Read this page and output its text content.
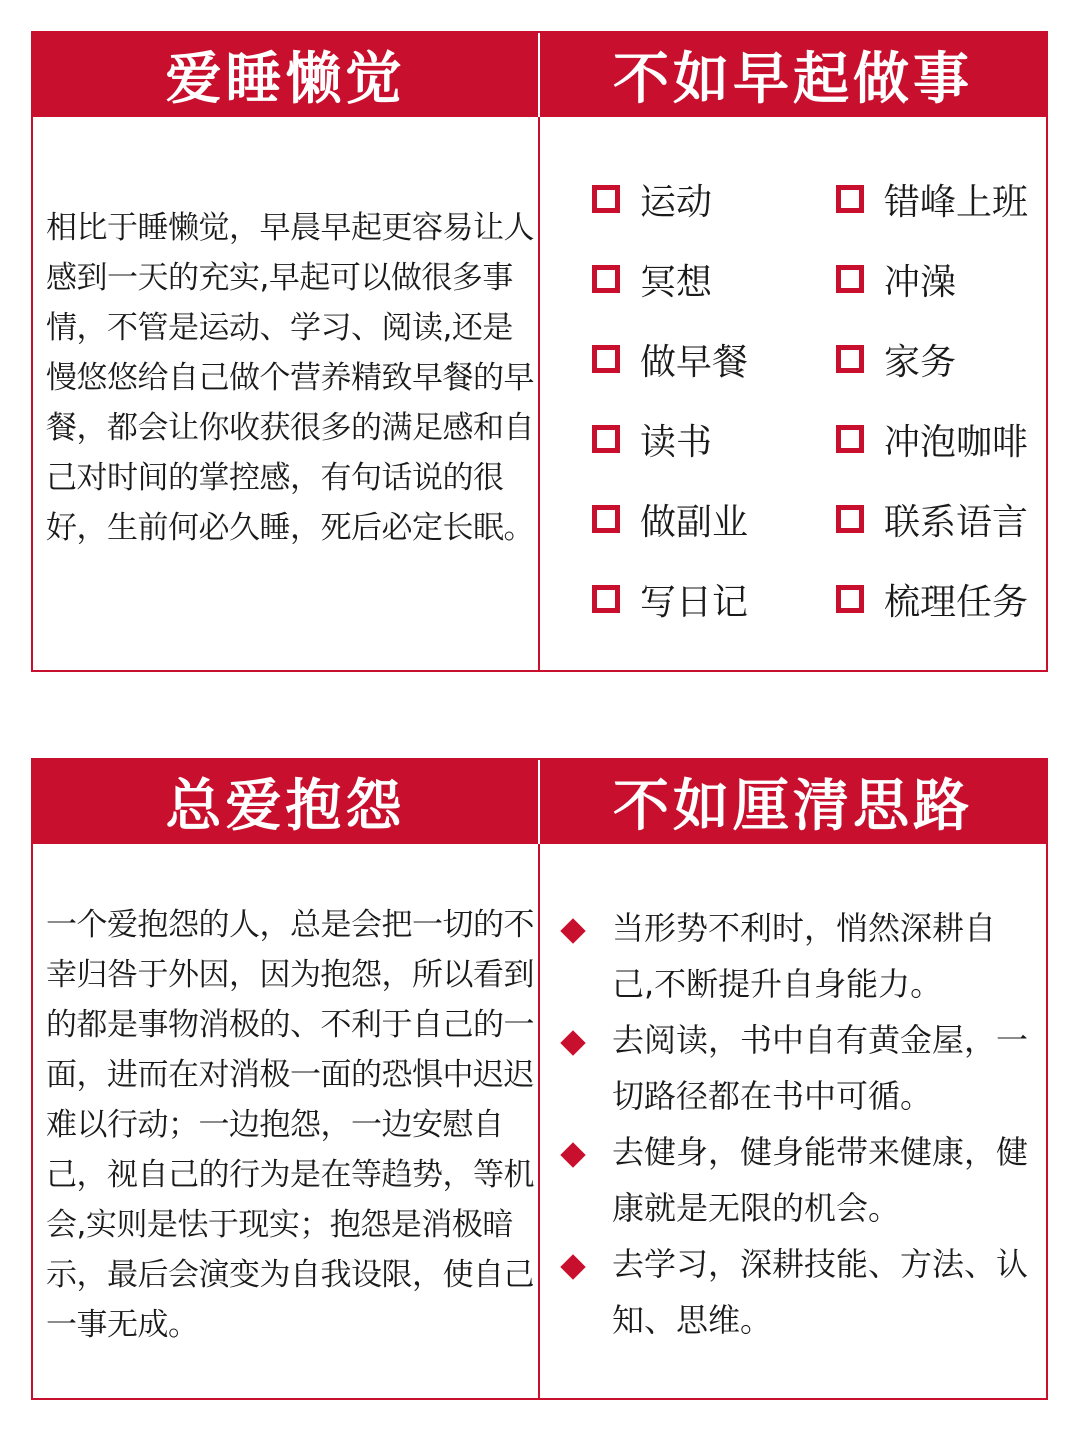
爱睡懒觉	不如早起做事
相比于睡懒觉，早晨早起更容易让人感到一天的充实,早起可以做很多事情，不管是运动、学习、阅读,还是慢悠悠给自己做个营养精致早餐的早餐，都会让你收获很多的满足感和自己对时间的掌控感，有句话说的很好，生前何必久睡，死后必定长眠。
运动	错峰上班
冥想	冲澡
做早餐	家务
读书	冲泡咖啡
做副业	联系语言
写日记	梳理任务
总爱抱怨	不如厘清思路
一个爱抱怨的人，总是会把一切的不幸归咎于外因，因为抱怨，所以看到的都是事物消极的、不利于自己的一面，进而在对消极一面的恐惧中迟迟难以行动；一边抱怨，一边安慰自己，视自己的行为是在等趋势，等机会,实则是怯于现实；抱怨是消极暗示，最后会演变为自我设限，使自己一事无成。
当形势不利时，悄然深耕自己,不断提升自身能力。
去阅读，书中自有黄金屋，一切路径都在书中可循。
去健身，健身能带来健康，健康就是无限的机会。
去学习，深耕技能、方法、认知、思维。
